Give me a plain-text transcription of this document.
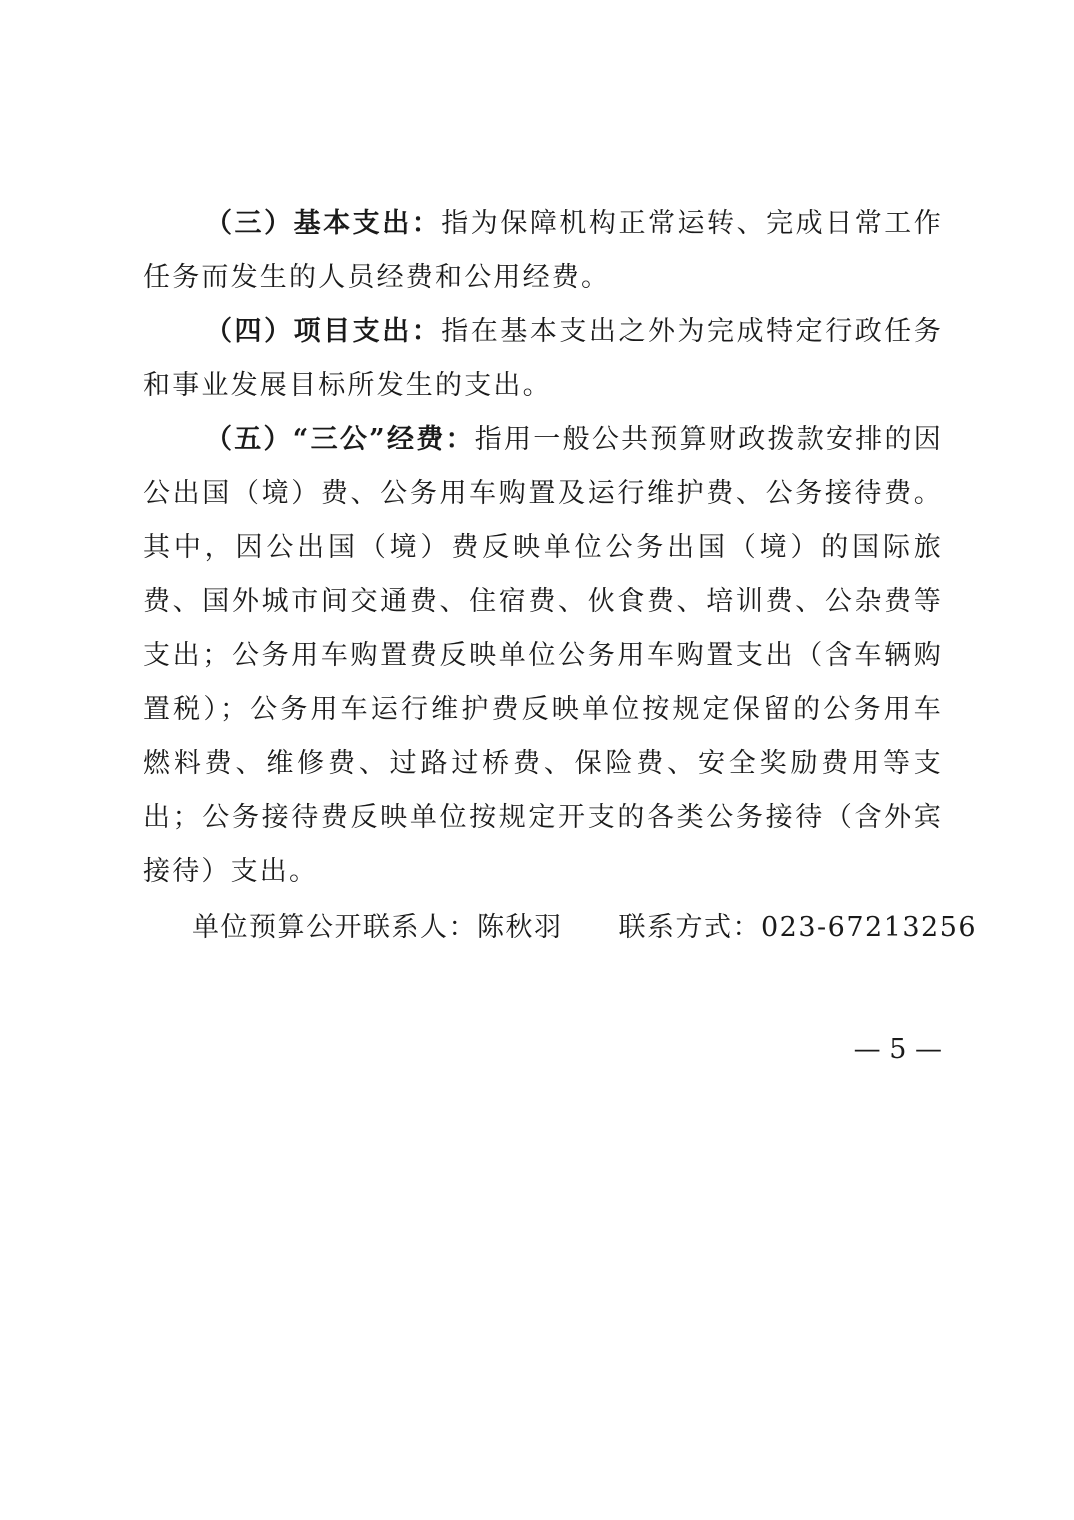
（三）基本支出：指为保障机构正常运转、完成日常工作任务而发生的人员经费和公用经费。

（四）项目支出：指在基本支出之外为完成特定行政任务和事业发展目标所发生的支出。

（五）“三公”经费：指用一般公共预算财政拨款安排的因公出国（境）费、公务用车购置及运行维护费、公务接待费。其中，因公出国（境）费反映单位公务出国（境）的国际旅费、国外城市间交通费、住宿费、伙食费、培训费、公杂费等支出；公务用车购置费反映单位公务用车购置支出（含车辆购置税）；公务用车运行维护费反映单位按规定保留的公务用车燃料费、维修费、过路过桥费、保险费、安全奖励费用等支出；公务接待费反映单位按规定开支的各类公务接待（含外宾接待）支出。

单位预算公开联系人：陈秋羽 联系方式：023-67213256
— 5 —
